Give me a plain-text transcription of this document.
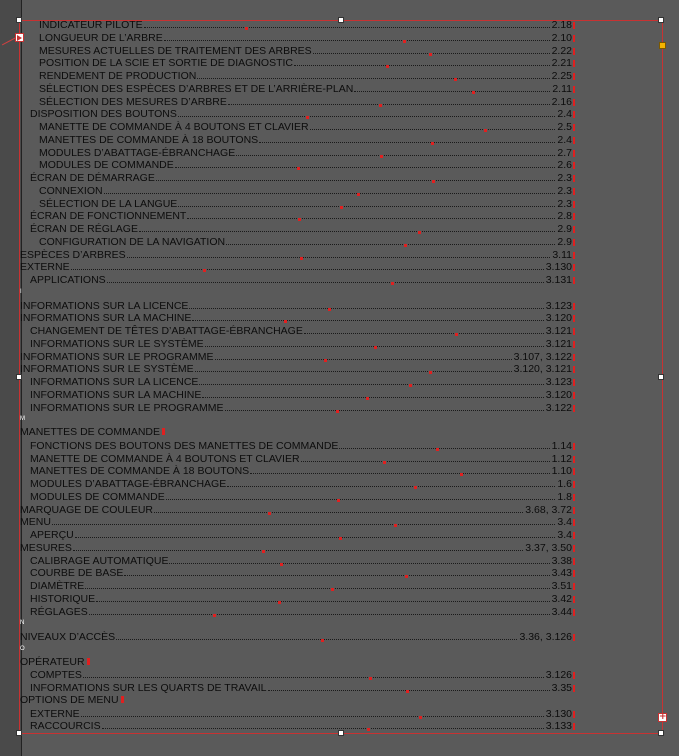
+
INDICATEUR PILOTE	2.18
LONGUEUR DE L’ARBRE	2.10
MESURES ACTUELLES DE TRAITEMENT DES ARBRES	2.22
POSITION DE LA SCIE ET SORTIE DE DIAGNOSTIC	2.21
RENDEMENT DE PRODUCTION	2.25
SÉLECTION DES ESPÈCES D’ARBRES ET DE L’ARRIÈRE-PLAN	2.11
SÉLECTION DES MESURES D’ARBRE	2.16
DISPOSITION DES BOUTONS	2.4
MANETTE DE COMMANDE À 4 BOUTONS ET CLAVIER	2.5
MANETTES DE COMMANDE À 18 BOUTONS	2.4
MODULES D’ABATTAGE-ÉBRANCHAGE	2.7
MODULES DE COMMANDE	2.6
ÉCRAN DE DÉMARRAGE	2.3
CONNEXION	2.3
SÉLECTION DE LA LANGUE	2.3
ÉCRAN DE FONCTIONNEMENT	2.8
ÉCRAN DE RÉGLAGE	2.9
CONFIGURATION DE LA NAVIGATION	2.9
ESPÈCES D’ARBRES	3.11
EXTERNE	3.130
APPLICATIONS	3.131
I
INFORMATIONS SUR LA LICENCE	3.123
INFORMATIONS SUR LA MACHINE	3.120
CHANGEMENT DE TÊTES D’ABATTAGE-ÉBRANCHAGE	3.121
INFORMATIONS SUR LE SYSTÈME	3.121
INFORMATIONS SUR LE PROGRAMME	3.107, 3.122
INFORMATIONS SUR LE SYSTÈME	3.120, 3.121
INFORMATIONS SUR LA LICENCE	3.123
INFORMATIONS SUR LA MACHINE	3.120
INFORMATIONS SUR LE PROGRAMME	3.122
M
MANETTES DE COMMANDE
FONCTIONS DES BOUTONS DES MANETTES DE COMMANDE	1.14
MANETTE DE COMMANDE À 4 BOUTONS ET CLAVIER	1.12
MANETTES DE COMMANDE À 18 BOUTONS	1.10
MODULES D’ABATTAGE-ÉBRANCHAGE	1.6
MODULES DE COMMANDE	1.8
MARQUAGE DE COULEUR	3.68, 3.72
MENU	3.4
APERÇU	3.4
MESURES	3.37, 3.50
CALIBRAGE AUTOMATIQUE	3.38
COURBE DE BASE	3.43
DIAMÈTRE	3.51
HISTORIQUE	3.42
RÉGLAGES	3.44
N
NIVEAUX D’ACCÈS	3.36, 3.126
O
OPÉRATEUR
COMPTES	3.126
INFORMATIONS SUR LES QUARTS DE TRAVAIL	3.35
OPTIONS DE MENU
EXTERNE	3.130
RACCOURCIS	3.133
